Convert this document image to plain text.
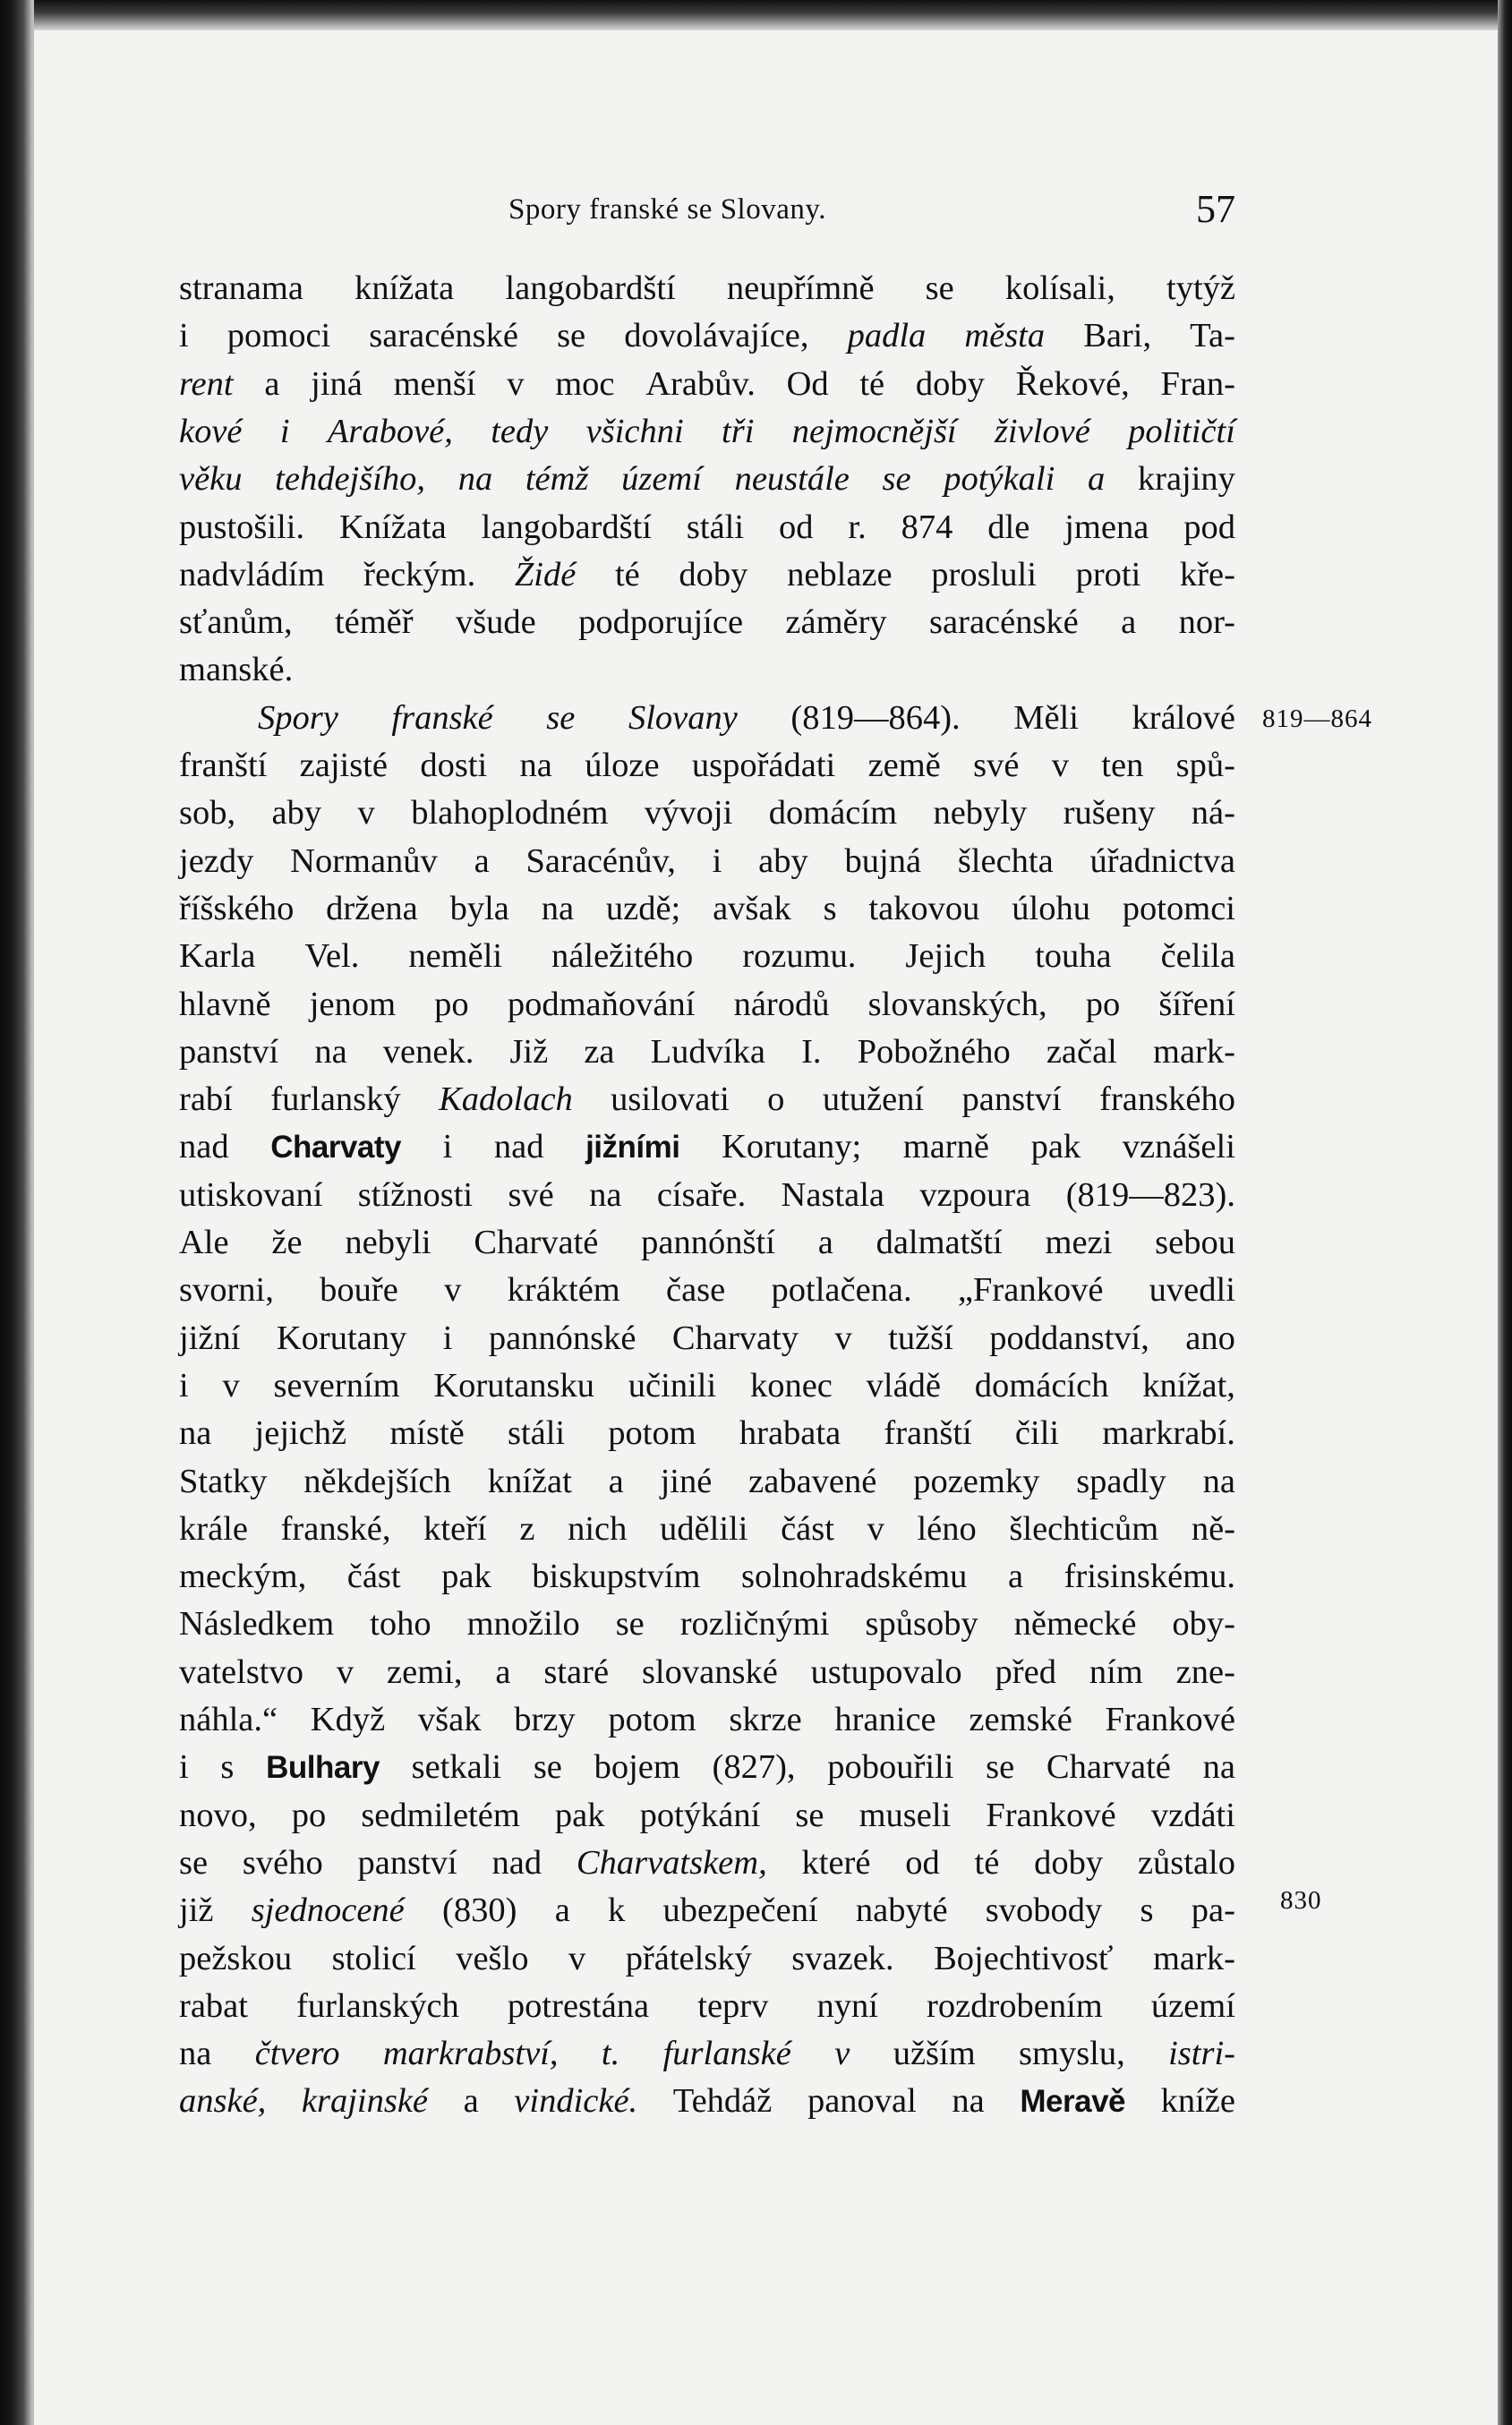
Spory franské se Slovany.	57
819—864
830
stranama knížata langobardští neupřímně se kolísali, tytýž
i pomoci saracénské se dovolávajíce, padla města Bari, Ta-
rent a jiná menší v moc Arabův. Od té doby Řekové, Fran-
kové i Arabové, tedy všichni tři nejmocnější živlové političtí
věku tehdejšího, na témž území neustále se potýkali a krajiny
pustošili. Knížata langobardští stáli od r. 874 dle jmena pod
nadvládím řeckým. Židé té doby neblaze prosluli proti kře-
sťanům, téměř všude podporujíce záměry saracénské a nor-
manské.
Spory franské se Slovany (819—864). Měli králové
franští zajisté dosti na úloze uspořádati země své v ten spů-
sob, aby v blahoplodném vývoji domácím nebyly rušeny ná-
jezdy Normanův a Saracénův, i aby bujná šlechta úřadnictva
říšského držena byla na uzdě; avšak s takovou úlohu potomci
Karla Vel. neměli náležitého rozumu. Jejich touha čelila
hlavně jenom po podmaňování národů slovanských, po šíření
panství na venek. Již za Ludvíka I. Pobožného začal mark-
rabí furlanský Kadolach usilovati o utužení panství franského
nad Charvaty i nad jižními Korutany; marně pak vznášeli
utiskovaní stížnosti své na císaře. Nastala vzpoura (819—823).
Ale že nebyli Charvaté pannónští a dalmatští mezi sebou
svorni, bouře v kráktém čase potlačena. „Frankové uvedli
jižní Korutany i pannónské Charvaty v tužší poddanství, ano
i v severním Korutansku učinili konec vládě domácích knížat,
na jejichž místě stáli potom hrabata franští čili markrabí.
Statky někdejších knížat a jiné zabavené pozemky spadly na
krále franské, kteří z nich udělili část v léno šlechticům ně-
meckým, část pak biskupstvím solnohradskému a frisinskému.
Následkem toho množilo se rozličnými spůsoby německé oby-
vatelstvo v zemi, a staré slovanské ustupovalo před ním zne-
náhla.“ Když však brzy potom skrze hranice zemské Frankové
i s Bulhary setkali se bojem (827), pobouřili se Charvaté na
novo, po sedmiletém pak potýkání se museli Frankové vzdáti
se svého panství nad Charvatskem, které od té doby zůstalo
již sjednocené (830) a k ubezpečení nabyté svobody s pa-
pežskou stolicí vešlo v přátelský svazek. Bojechtivosť mark-
rabat furlanských potrestána teprv nyní rozdrobením území
na čtvero markrabství, t. furlanské v užším smyslu, istri-
anské, krajinské a vindické. Tehdáž panoval na Meravě kníže
